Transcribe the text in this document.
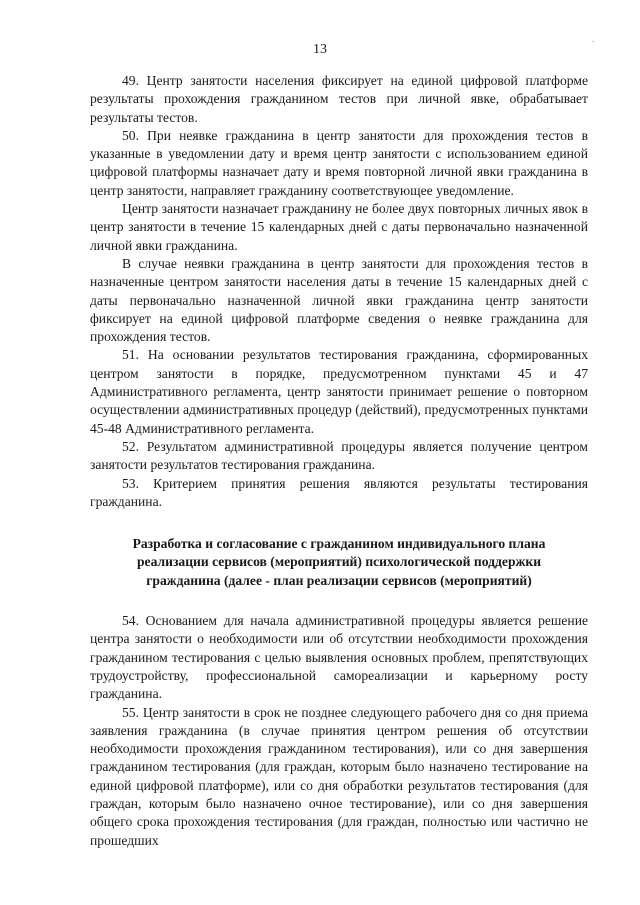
13
.

49. Центр занятости населения фиксирует на единой цифровой платформе результаты прохождения гражданином тестов при личной явке, обрабатывает результаты тестов.

50. При неявке гражданина в центр занятости для прохождения тестов в указанные в уведомлении дату и время центр занятости с использованием единой цифровой платформы назначает дату и время повторной личной явки гражданина в центр занятости, направляет гражданину соответствующее уведомление.

Центр занятости назначает гражданину не более двух повторных личных явок в центр занятости в течение 15 календарных дней с даты первоначально назначенной личной явки гражданина.

В случае неявки гражданина в центр занятости для прохождения тестов в назначенные центром занятости населения даты в течение 15 календарных дней с даты первоначально назначенной личной явки гражданина центр занятости фиксирует на единой цифровой платформе сведения о неявке гражданина для прохождения тестов.

51. На основании результатов тестирования гражданина, сформированных центром занятости в порядке, предусмотренном пунктами 45 и 47 Административного регламента, центр занятости принимает решение о повторном осуществлении административных процедур (действий), предусмотренных пунктами 45-48 Административного регламента.

52. Результатом административной процедуры является получение центром занятости результатов тестирования гражданина.

53. Критерием принятия решения являются результаты тестирования гражданина.

Разработка и согласование с гражданином индивидуального плана
реализации сервисов (мероприятий) психологической поддержки
гражданина (далее - план реализации сервисов (мероприятий)

54. Основанием для начала административной процедуры является решение центра занятости о необходимости или об отсутствии необходимости прохождения гражданином тестирования с целью выявления основных проблем, препятствующих трудоустройству, профессиональной самореализации и карьерному росту гражданина.

55. Центр занятости в срок не позднее следующего рабочего дня со дня приема заявления гражданина (в случае принятия центром решения об отсутствии необходимости прохождения гражданином тестирования), или со дня завершения гражданином тестирования (для граждан, которым было назначено тестирование на единой цифровой платформе), или со дня обработки результатов тестирования (для граждан, которым было назначено очное тестирование), или со дня завершения общего срока прохождения тестирования (для граждан, полностью или частично не прошедших
